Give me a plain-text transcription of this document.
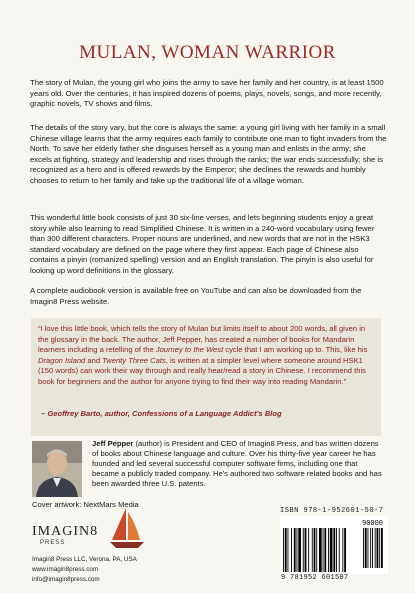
MULAN, WOMAN WARRIOR
The story of Mulan, the young girl who joins the army to save her family and her country, is at least 1500 years old. Over the centuries, it has inspired dozens of poems, plays, novels, songs, and more recently, graphic novels, TV shows and films.
The details of the story vary, but the core is always the same: a young girl living with her family in a small Chinese village learns that the army requires each family to contribute one man to fight invaders from the North. To save her elderly father she disguises herself as a young man and enlists in the army; she excels at fighting, strategy and leadership and rises through the ranks; the war ends successfully; she is recognized as a hero and is offered rewards by the Emperor; she declines the rewards and humbly chooses to return to her family and take up the traditional life of a village woman.
This wonderful little book consists of just 30 six-line verses, and lets beginning students enjoy a great story while also learning to read Simplified Chinese. It is written in a 240-word vocabulary using fewer than 300 different characters. Proper nouns are underlined, and new words that are not in the HSK3 standard vocabulary are defined on the page where they first appear. Each page of Chinese also contains a pinyin (romanized spelling) version and an English translation. The pinyin is also useful for looking up word definitions in the glossary.
A complete audiobook version is available free on YouTube and can also be downloaded from the Imagin8 Press website.
“I love this little book, which tells the story of Mulan but limits itself to about 200 words, all given in the glossary in the back. The author, Jeff Pepper, has created a number of books for Mandarin learners including a retelling of the Journey to the West cycle that I am working up to. This, like his Dragon Island and Twenty Three Cats, is written at a simpler level where someone around HSK1 (150 words) can work their way through and really hear/read a story in Chinese. I recommend this book for beginners and the author for anyone trying to find their way into reading Mandarin.”
– Geoffrey Barto, author, Confessions of a Language Addict's Blog
Jeff Pepper (author) is President and CEO of Imagin8 Press, and has written dozens of books about Chinese language and culture. Over his thirty-five year career he has founded and led several successful computer software firms, including one that became a publicly traded company. He's authored two software related books and has been awarded three U.S. patents.
Cover artwork: NextMars Media
IMAGIN8
PRESS
Imagin8 Press LLC, Verona, PA, USA
www.imagin8press.com
info@imagin8press.com
ISBN 978-1-952601-50-7
90000
9 781952 601507
